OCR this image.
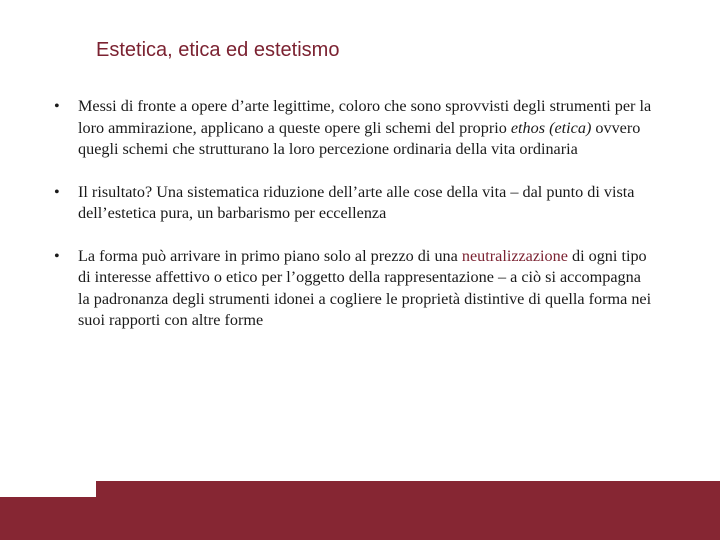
Estetica, etica ed estetismo
• Messi di fronte a opere d’arte legittime, coloro che sono sprovvisti degli strumenti per la loro ammirazione, applicano a queste opere gli schemi del proprio ethos (etica) ovvero quegli schemi che strutturano la loro percezione ordinaria della vita ordinaria
• Il risultato? Una sistematica riduzione dell’arte alle cose della vita – dal punto di vista dell’estetica pura, un barbarismo per eccellenza
• La forma può arrivare in primo piano solo al prezzo di una neutralizzazione di ogni tipo di interesse affettivo o etico per l’oggetto della rappresentazione – a ciò si accompagna la padronanza degli strumenti idonei a cogliere le proprietà distintive di quella forma nei suoi rapporti con altre forme
